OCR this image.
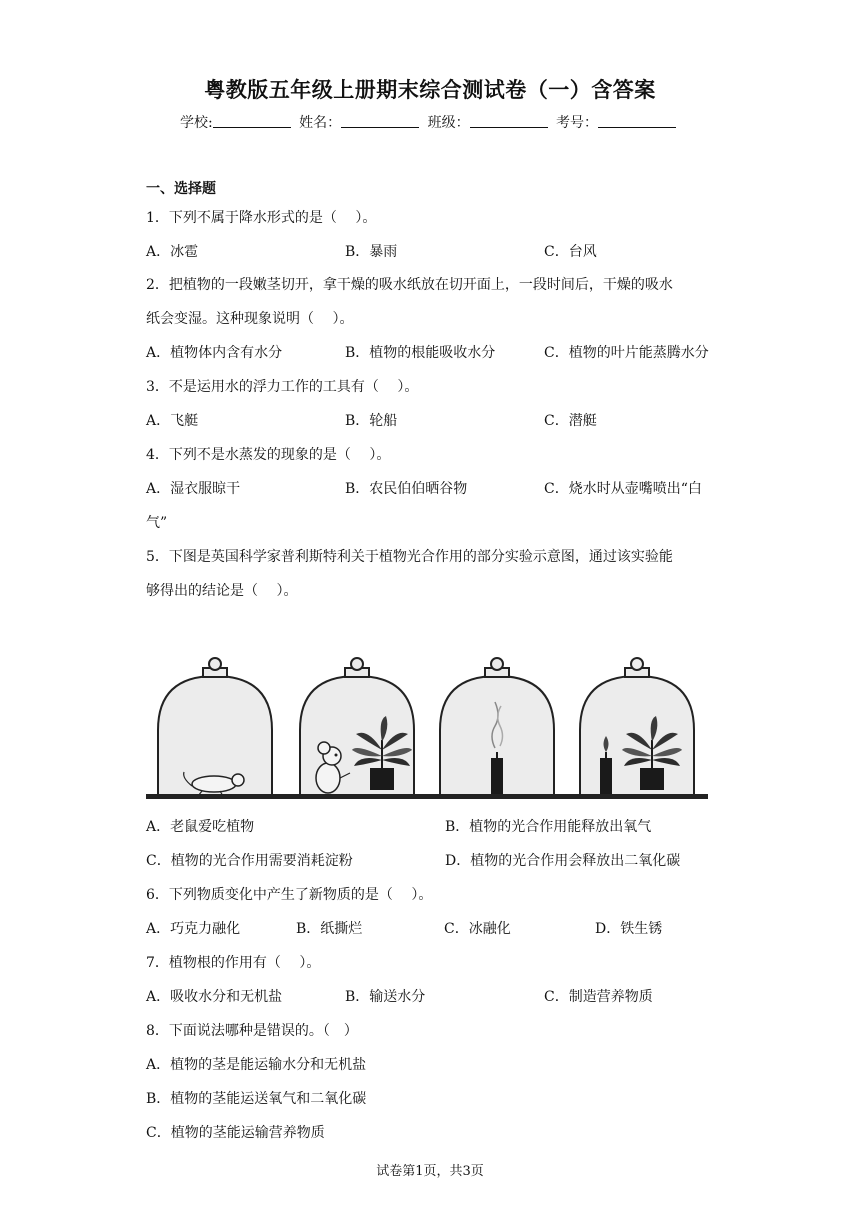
粤教版五年级上册期末综合测试卷（一）含答案
学校:	姓名：	班级：	考号：
一、选择题
1．下列不属于降水形式的是（　 ）。
A．冰雹	B．暴雨	C．台风
2．把植物的一段嫩茎切开，拿干燥的吸水纸放在切开面上，一段时间后，干燥的吸水
纸会变湿。这种现象说明（　 ）。
A．植物体内含有水分	B．植物的根能吸收水分	C．植物的叶片能蒸腾水分
3．不是运用水的浮力工作的工具有（　 ）。
A．飞艇	B．轮船	C．潜艇
4．下列不是水蒸发的现象的是（　 ）。
A．湿衣服晾干	B．农民伯伯晒谷物	C．烧水时从壶嘴喷出“白
气”
5．下图是英国科学家普利斯特利关于植物光合作用的部分实验示意图，通过该实验能
够得出的结论是（　 ）。
A．老鼠爱吃植物	B．植物的光合作用能释放出氧气
C．植物的光合作用需要消耗淀粉	D．植物的光合作用会释放出二氧化碳
6．下列物质变化中产生了新物质的是（　 ）。
A．巧克力融化	B．纸撕烂	C．冰融化	D．铁生锈
7．植物根的作用有（　 ）。
A．吸收水分和无机盐	B．输送水分	C．制造营养物质
8．下面说法哪种是错误的。（　）
A．植物的茎是能运输水分和无机盐
B．植物的茎能运送氧气和二氧化碳
C．植物的茎能运输营养物质
试卷第1页，共3页
